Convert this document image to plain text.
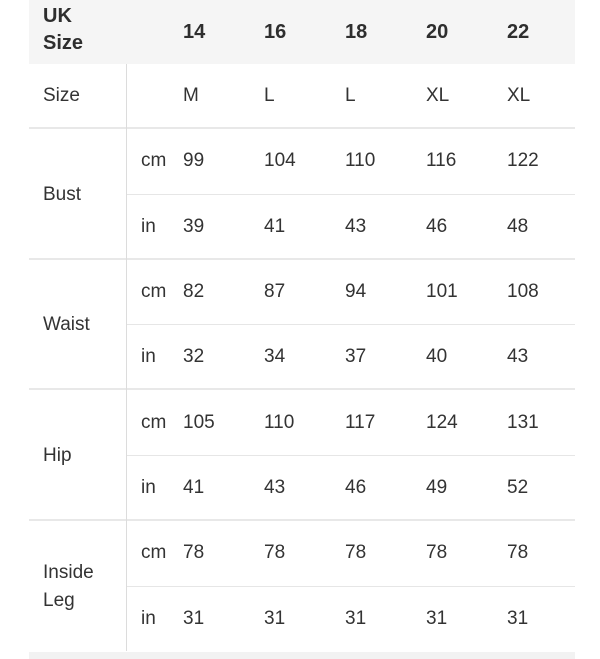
UK
Size	14	16	18	20	22
Size	M	L	L	XL	XL
Bust
cm 99	104	110	116	122
in 39	41	43	46	48
Waist
cm 82	87	94	101	108
in 32	34	37	40	43
Hip
cm 105	110	117	124	131
in 41	43	46	49	52
Inside
Leg
cm 78	78	78	78	78
in 31	31	31	31	31
